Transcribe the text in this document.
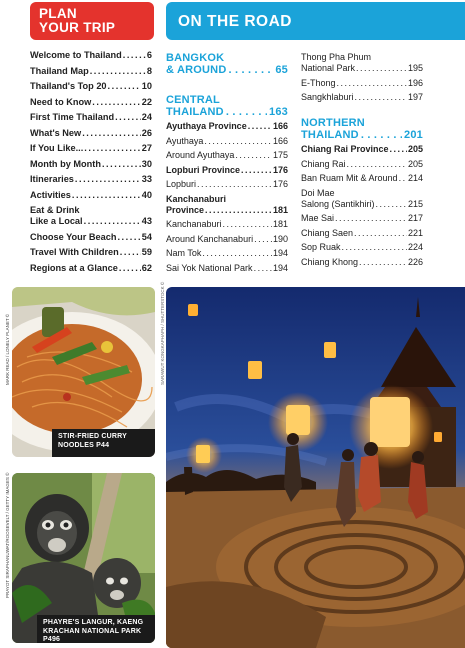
PLAN
YOUR TRIP	ON THE ROAD
Welcome to Thailand . . .	6
Thailand Map . . .	8
Thailand's Top 20 . . .	10
Need to Know . . .	22
First Time Thailand . . .	24
What's New . . .	26
If You Like... . . .	27
Month by Month . . .	30
Itineraries . . .	33
Activities . . .	40
Eat & Drink
Like a Local . . .	43
Choose Your Beach . . .	54
Travel With Children . . .	59
Regions at a Glance . . .	62
BANGKOK
& AROUND . . .	65
CENTRAL
THAILAND . . .	163
Ayuthaya Province . . .	166
Ayuthaya . . .	166
Around Ayuthaya . . .	175
Lopburi Province . . .	176
Lopburi . . .	176
Kanchanaburi
Province . . .	181
Kanchanaburi . . .	181
Around Kanchanaburi . . . 190
Nam Tok . . .	194
Sai Yok National Park . . . 194
Thong Pha Phum
National Park . . .	195
E-Thong . . .	196
Sangkhlaburi . . .	197
NORTHERN
THAILAND . . .	201
Chiang Rai Province . . . 205
Chiang Rai . . .	205
Ban Ruam Mit & Around . . . 214
Doi Mae
Salong (Santikhiri) . . .	215
Mae Sai . . .	217
Chiang Saen . . .	221
Sop Ruak . . .	224
Chiang Khong . . .	226
STIR-FRIED CURRY
NOODLES P44
MARK READ / LONELY PLANET ©
PHAYRE'S LANGUR, KAENG
KRACHAN NATIONAL PARK P496
PRAYOT SIRAPHANUWAT/ROOSEVELT / GETTY IMAGES ©
SARAWUT KONGKAPHAPH / SHUTTERSTOCK ©
